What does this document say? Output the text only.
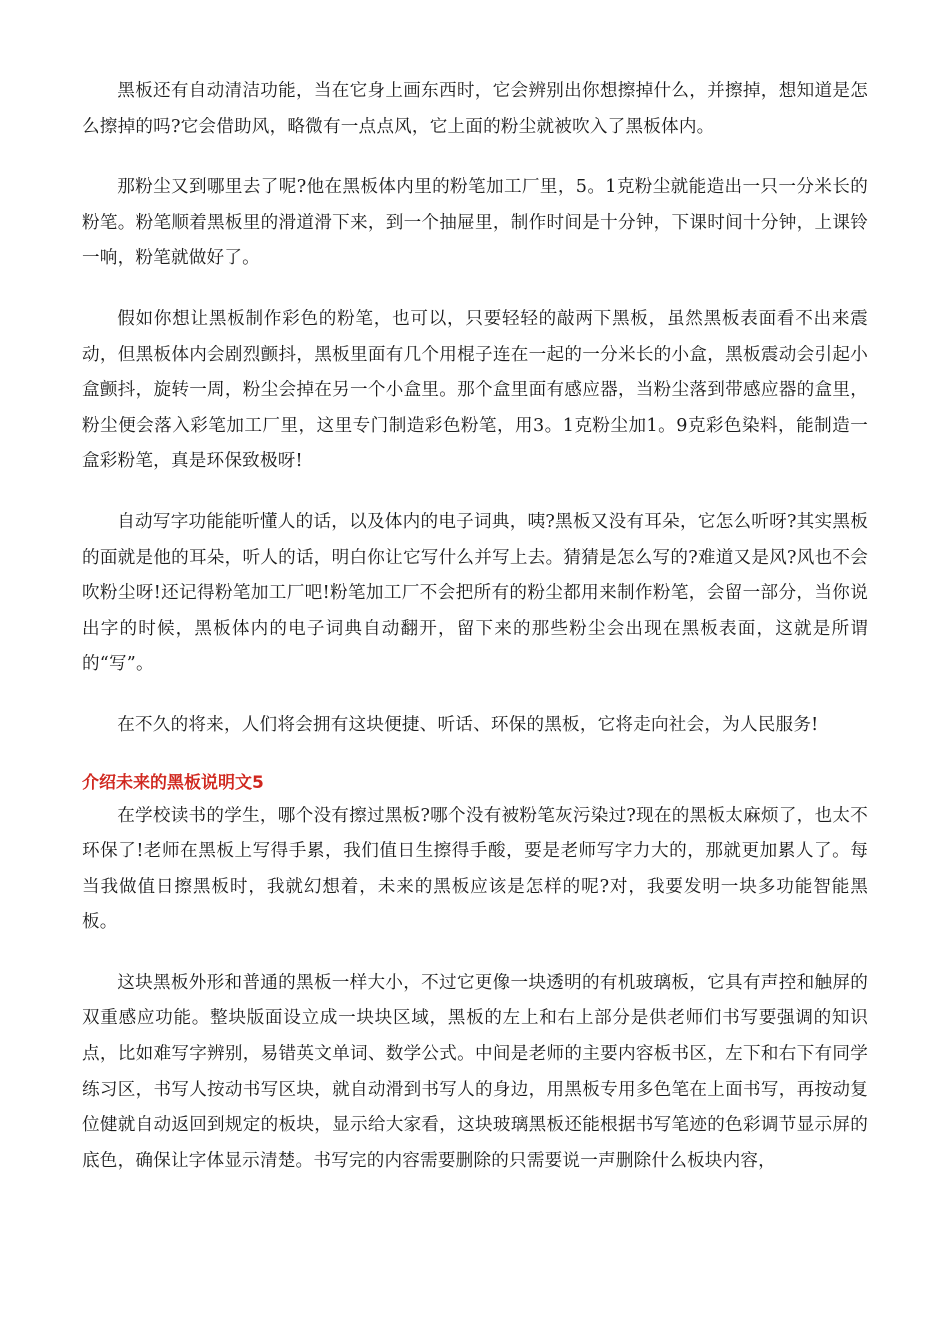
黑板还有自动清洁功能，当在它身上画东西时，它会辨别出你想擦掉什么，并擦掉，想知道是怎么擦掉的吗?它会借助风，略微有一点点风，它上面的粉尘就被吹入了黑板体内。

那粉尘又到哪里去了呢?他在黑板体内里的粉笔加工厂里，5。1克粉尘就能造出一只一分米长的粉笔。粉笔顺着黑板里的滑道滑下来，到一个抽屉里，制作时间是十分钟，下课时间十分钟，上课铃一响，粉笔就做好了。

假如你想让黑板制作彩色的粉笔，也可以，只要轻轻的敲两下黑板，虽然黑板表面看不出来震动，但黑板体内会剧烈颤抖，黑板里面有几个用棍子连在一起的一分米长的小盒，黑板震动会引起小盒颤抖，旋转一周，粉尘会掉在另一个小盒里。那个盒里面有感应器，当粉尘落到带感应器的盒里，粉尘便会落入彩笔加工厂里，这里专门制造彩色粉笔，用3。1克粉尘加1。9克彩色染料，能制造一盒彩粉笔，真是环保致极呀!

自动写字功能能听懂人的话，以及体内的电子词典，咦?黑板又没有耳朵，它怎么听呀?其实黑板的面就是他的耳朵，听人的话，明白你让它写什么并写上去。猜猜是怎么写的?难道又是风?风也不会吹粉尘呀!还记得粉笔加工厂吧!粉笔加工厂不会把所有的粉尘都用来制作粉笔，会留一部分，当你说出字的时候，黑板体内的电子词典自动翻开，留下来的那些粉尘会出现在黑板表面，这就是所谓的“写”。

在不久的将来，人们将会拥有这块便捷、听话、环保的黑板，它将走向社会，为人民服务!

介绍未来的黑板说明文5

在学校读书的学生，哪个没有擦过黑板?哪个没有被粉笔灰污染过?现在的黑板太麻烦了，也太不环保了!老师在黑板上写得手累，我们值日生擦得手酸，要是老师写字力大的，那就更加累人了。每当我做值日擦黑板时，我就幻想着，未来的黑板应该是怎样的呢?对，我要发明一块多功能智能黑板。

这块黑板外形和普通的黑板一样大小，不过它更像一块透明的有机玻璃板，它具有声控和触屏的双重感应功能。整块版面设立成一块块区域，黑板的左上和右上部分是供老师们书写要强调的知识点，比如难写字辨别，易错英文单词、数学公式。中间是老师的主要内容板书区，左下和右下有同学练习区，书写人按动书写区块，就自动滑到书写人的身边，用黑板专用多色笔在上面书写，再按动复位健就自动返回到规定的板块，显示给大家看，这块玻璃黑板还能根据书写笔迹的色彩调节显示屏的底色，确保让字体显示清楚。书写完的内容需要删除的只需要说一声删除什么板块内容，
